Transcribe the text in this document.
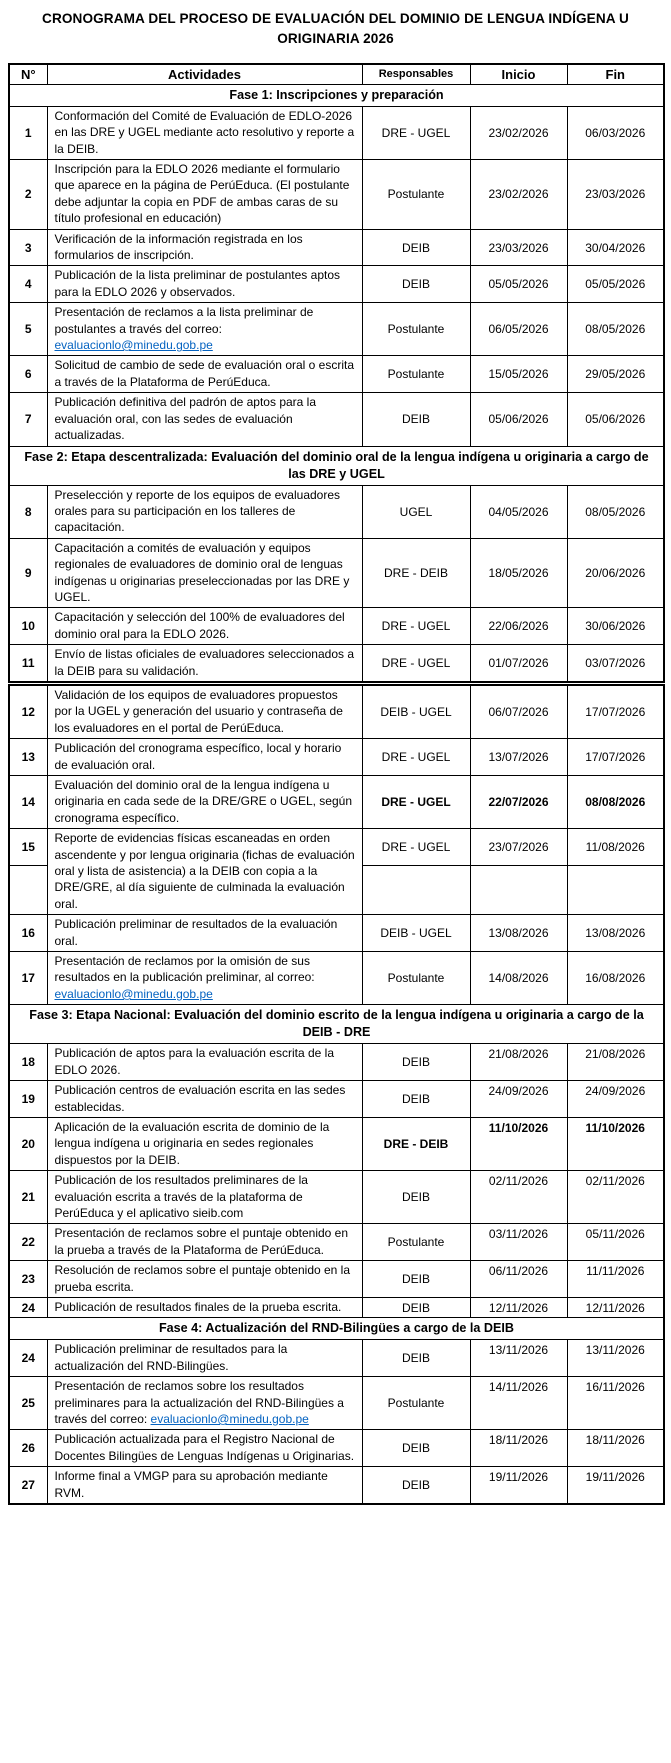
CRONOGRAMA DEL PROCESO DE EVALUACIÓN DEL DOMINIO DE LENGUA INDÍGENA U ORIGINARIA 2026

N°	Actividades	Responsables	Inicio	Fin
Fase 1: Inscripciones y preparación				
1	Conformación del Comité de Evaluación de EDLO-2026 en las DRE y UGEL mediante acto resolutivo y reporte a la DEIB.	DRE - UGEL	23/02/2026	06/03/2026
2	Inscripción para la EDLO 2026 mediante el formulario que aparece en la página de PerúEduca. (El postulante debe adjuntar la copia en PDF de ambas caras de su título profesional en educación)	Postulante	23/02/2026	23/03/2026
3	Verificación de la información registrada en los formularios de inscripción.	DEIB	23/03/2026	30/04/2026
4	Publicación de la lista preliminar de postulantes aptos para la EDLO 2026 y observados.	DEIB	05/05/2026	05/05/2026
5	Presentación de reclamos a la lista preliminar de postulantes a través del correo: evaluacionlo@minedu.gob.pe	Postulante	06/05/2026	08/05/2026
6	Solicitud de cambio de sede de evaluación oral o escrita a través de la Plataforma de PerúEduca.	Postulante	15/05/2026	29/05/2026
7	Publicación definitiva del padrón de aptos para la evaluación oral, con las sedes de evaluación actualizadas.	DEIB	05/06/2026	05/06/2026
Fase 2: Etapa descentralizada: Evaluación del dominio oral de la lengua indígena u originaria a cargo de las DRE y UGEL				
8	Preselección y reporte de los equipos de evaluadores orales para su participación en los talleres de capacitación.	UGEL	04/05/2026	08/05/2026
9	Capacitación a comités de evaluación y equipos regionales de evaluadores de dominio oral de lenguas indígenas u originarias preseleccionadas por las DRE y UGEL.	DRE - DEIB	18/05/2026	20/06/2026
10	Capacitación y selección del 100% de evaluadores del dominio oral para la EDLO 2026.	DRE - UGEL	22/06/2026	30/06/2026
11	Envío de listas oficiales de evaluadores seleccionados a la DEIB para su validación.	DRE - UGEL	01/07/2026	03/07/2026
12	Validación de los equipos de evaluadores propuestos por la UGEL y generación del usuario y contraseña de los evaluadores en el portal de PerúEduca.	DEIB - UGEL	06/07/2026	17/07/2026
13	Publicación del cronograma específico, local y horario de evaluación oral.	DRE - UGEL	13/07/2026	17/07/2026
14	Evaluación del dominio oral de la lengua indígena u originaria en cada sede de la DRE/GRE o UGEL, según cronograma específico.	DRE - UGEL	22/07/2026	08/08/2026
15	Reporte de evidencias físicas escaneadas en orden ascendente y por lengua originaria (fichas de evaluación oral y lista de asistencia) a la DEIB con copia a la DRE/GRE, al día siguiente de culminada la evaluación oral.	DRE - UGEL	23/07/2026	11/08/2026

16	Publicación preliminar de resultados de la evaluación oral.	DEIB - UGEL	13/08/2026	13/08/2026
17	Presentación de reclamos por la omisión de sus resultados en la publicación preliminar, al correo: evaluacionlo@minedu.gob.pe	Postulante	14/08/2026	16/08/2026
Fase 3: Etapa Nacional: Evaluación del dominio escrito de la lengua indígena u originaria a cargo de la DEIB - DRE				
18	Publicación de aptos para la evaluación escrita de la EDLO 2026.	DEIB	21/08/2026	21/08/2026
19	Publicación centros de evaluación escrita en las sedes establecidas.	DEIB	24/09/2026	24/09/2026
20	Aplicación de la evaluación escrita de dominio de la lengua indígena u originaria en sedes regionales dispuestos por la DEIB.	DRE - DEIB	11/10/2026	11/10/2026
21	Publicación de los resultados preliminares de la evaluación escrita a través de la plataforma de PerúEduca y el aplicativo sieib.com	DEIB	02/11/2026	02/11/2026
22	Presentación de reclamos sobre el puntaje obtenido en la prueba a través de la Plataforma de PerúEduca.	Postulante	03/11/2026	05/11/2026
23	Resolución de reclamos sobre el puntaje obtenido en la prueba escrita.	DEIB	06/11/2026	11/11/2026
24	Publicación de resultados finales de la prueba escrita.	DEIB	12/11/2026	12/11/2026
Fase 4: Actualización del RND-Bilingües a cargo de la DEIB				
24	Publicación preliminar de resultados para la actualización del RND-Bilingües.	DEIB	13/11/2026	13/11/2026
25	Presentación de reclamos sobre los resultados preliminares para la actualización del RND-Bilingües a través del correo: evaluacionlo@minedu.gob.pe	Postulante	14/11/2026	16/11/2026
26	Publicación actualizada para el Registro Nacional de Docentes Bilingües de Lenguas Indígenas u Originarias.	DEIB	18/11/2026	18/11/2026
27	Informe final a VMGP para su aprobación mediante RVM.	DEIB	19/11/2026	19/11/2026
